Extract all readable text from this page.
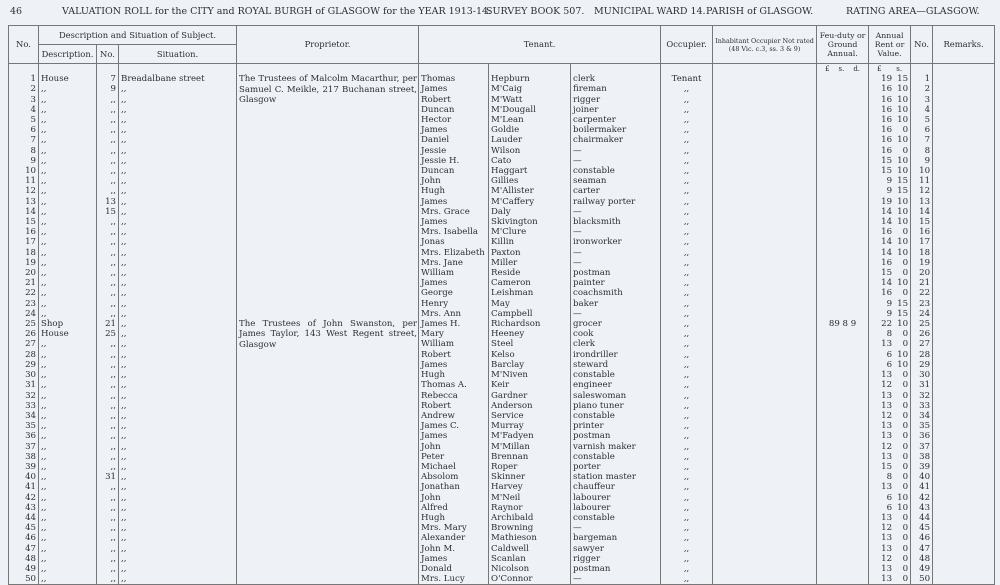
46	VALUATION ROLL for the CITY and ROYAL BURGH of GLASGOW for the YEAR 1913-14.
SURVEY BOOK 507. MUNICIPAL WARD 14. PARISH of GLASGOW.	RATING AREA—GLASGOW.
No.	Description and Situation of Subject.			Proprietor.	Tenant.			Occupier.	Inhabitant Occupier Not rated (48 Vic. c.3, ss. 3 & 9)	Feu-duty or Ground Annual.	Annual Rent or Value.	No.	Remarks.
	Description.	No.	Situation.										

										£ s. d.	£ s.		

1	House	7	Breadalbane street	The Trustees of Malcolm Macarthur, per Samuel C. Meikle, 217 Buchanan street, Glasgow	Thomas	Hepburn	clerk	Tenant			19 15	1	
2	,,	9	,,		James	M'Caig	fireman	,,			16 10	2	
3	,,	,,	,,		Robert	M'Watt	rigger	,,			16 10	3	
4	,,	,,	,,		Duncan	M'Dougall	joiner	,,			16 10	4	
5	,,	,,	,,		Hector	M'Lean	carpenter	,,			16 10	5	
6	,,	,,	,,		James	Goldie	boilermaker	,,			16 0	6	
7	,,	,,	,,		Daniel	Lauder	chairmaker	,,			16 10	7	
8	,,	,,	,,		Jessie	Wilson	—	,,			16 0	8	
9	,,	,,	,,		Jessie H.	Cato	—	,,			15 10	9	
10	,,	,,	,,		Duncan	Haggart	constable	,,			15 10	10	
11	,,	,,	,,		John	Gillies	seaman	,,			9 15	11	
12	,,	,,	,,		Hugh	M'Allister	carter	,,			9 15	12	
13	,,	13	,,		James	M'Caffery	railway porter	,,			19 10	13	
14	,,	15	,,		Mrs. Grace	Daly	—	,,			14 10	14	
15	,,	,,	,,		James	Skivington	blacksmith	,,			14 10	15	
16	,,	,,	,,		Mrs. Isabella	M'Clure	—	,,			16 0	16	
17	,,	,,	,,		Jonas	Killin	ironworker	,,			14 10	17	
18	,,	,,	,,		Mrs. Elizabeth	Paxton	—	,,			14 10	18	
19	,,	,,	,,		Mrs. Jane	Miller	—	,,			16 0	19	
20	,,	,,	,,		William	Reside	postman	,,			15 0	20	
21	,,	,,	,,		James	Cameron	painter	,,			14 10	21	
22	,,	,,	,,		George	Leishman	coachsmith	,,			16 0	22	
23	,,	,,	,,		Henry	May	baker	,,			9 15	23	
24	,,	,,	,,		Mrs. Ann	Campbell	—	,,			9 15	24	
25	Shop	21	,,	The Trustees of John Swanston, per James Taylor, 143 West Regent street, Glasgow	James H.	Richardson	grocer	,,		89 8 9	22 10	25	
26	House	25	,,		Mary	Heeney	cook	,,			8 0	26	
27	,,	,,	,,		William	Steel	clerk	,,			13 0	27	
28	,,	,,	,,		Robert	Kelso	irondriller	,,			6 10	28	
29	,,	,,	,,		James	Barclay	steward	,,			6 10	29	
30	,,	,,	,,		Hugh	M'Niven	constable	,,			13 0	30	
31	,,	,,	,,		Thomas A.	Keir	engineer	,,			12 0	31	
32	,,	,,	,,		Rebecca	Gardner	saleswoman	,,			13 0	32	
33	,,	,,	,,		Robert	Anderson	piano tuner	,,			13 0	33	
34	,,	,,	,,		Andrew	Service	constable	,,			12 0	34	
35	,,	,,	,,		James C.	Murray	printer	,,			13 0	35	
36	,,	,,	,,		James	M'Fadyen	postman	,,			13 0	36	
37	,,	,,	,,		John	M'Millan	varnish maker	,,			12 0	37	
38	,,	,,	,,		Peter	Brennan	constable	,,			13 0	38	
39	,,	,,	,,		Michael	Roper	porter	,,			15 0	39	
40	,,	31	,,		Absolom	Skinner	station master	,,			8 0	40	
41	,,	,,	,,		Jonathan	Harvey	chauffeur	,,			13 0	41	
42	,,	,,	,,		John	M'Neil	labourer	,,			6 10	42	
43	,,	,,	,,		Alfred	Raynor	labourer	,,			6 10	43	
44	,,	,,	,,		Hugh	Archibald	constable	,,			13 0	44	
45	,,	,,	,,		Mrs. Mary	Browning	—	,,			12 0	45	
46	,,	,,	,,		Alexander	Mathieson	bargeman	,,			13 0	46	
47	,,	,,	,,		John M.	Caldwell	sawyer	,,			13 0	47	
48	,,	,,	,,		James	Scanlan	rigger	,,			12 0	48	
49	,,	,,	,,		Donald	Nicolson	postman	,,			13 0	49	
50	,,	,,	,,		Mrs. Lucy	O'Connor	—	,,			13 0	50	
